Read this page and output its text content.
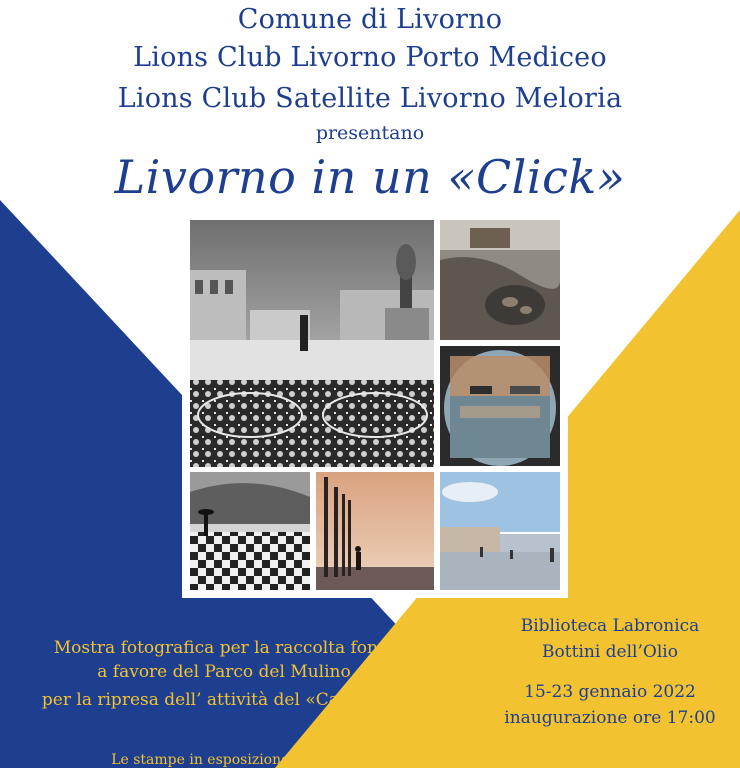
Comune di Livorno
Lions Club Livorno Porto Mediceo
Lions Club Satellite Livorno Meloria
presentano
Livorno in un «Click»
Mostra fotografica per la raccolta fondi
a favore del Parco del Mulino
per la ripresa dell’ attività del «Ca’ Moro»
Biblioteca Labronica
Bottini dell’Olio
15-23 gennaio 2022
inaugurazione ore 17:00
Le stampe in esposizione saranno messe in vendita alla fine della mostra
